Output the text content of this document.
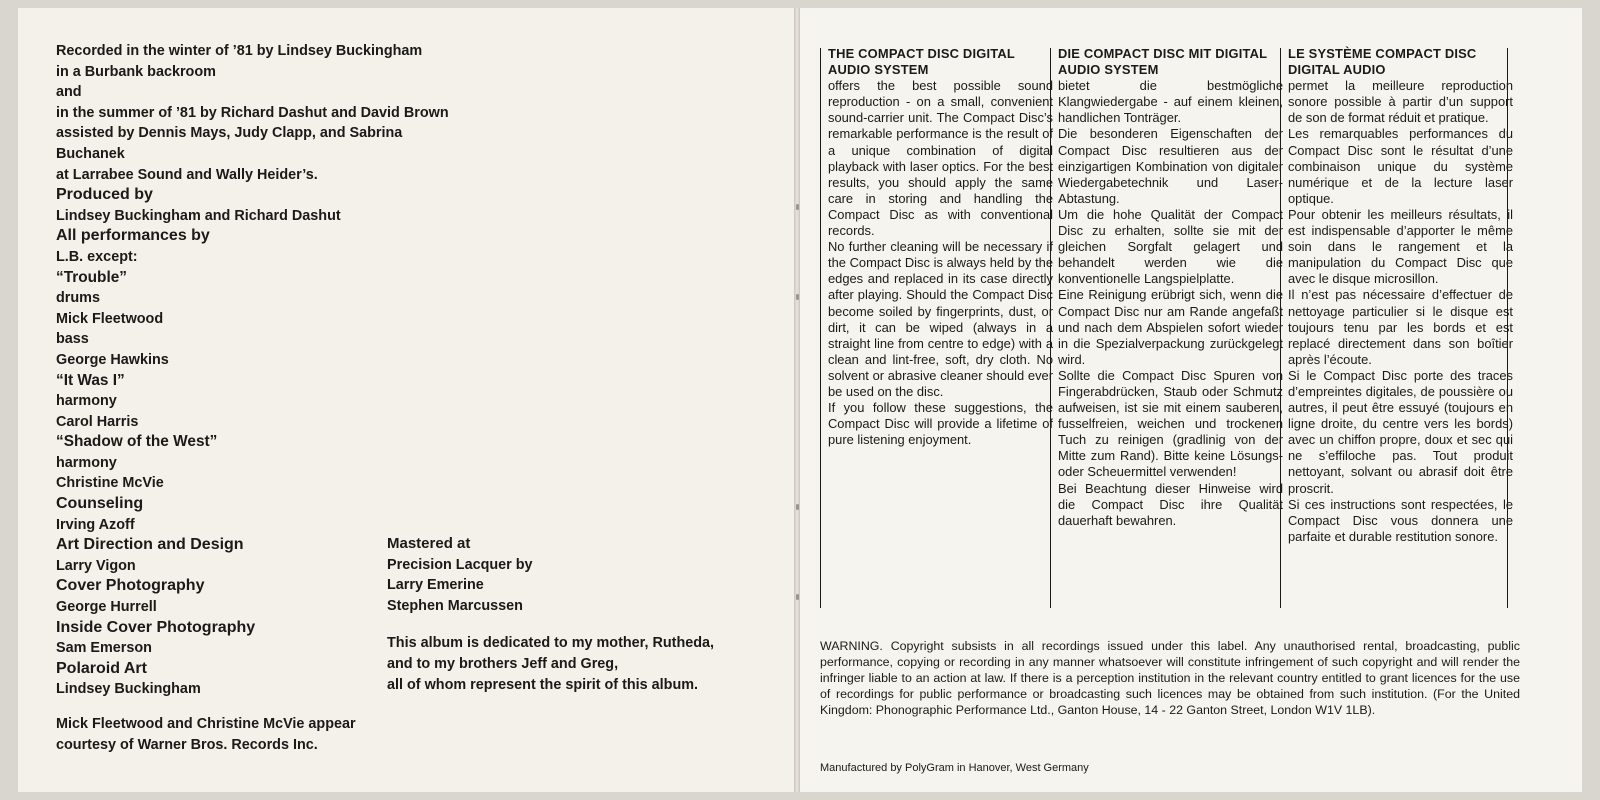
Recorded in the winter of ’81 by Lindsey Buckingham
in a Burbank backroom
and
in the summer of ’81 by Richard Dashut and David Brown
assisted by Dennis Mays, Judy Clapp, and Sabrina
Buchanek
at Larrabee Sound and Wally Heider’s.
Produced by
Lindsey Buckingham and Richard Dashut
All performances by
L.B. except:
“Trouble”
drums
Mick Fleetwood
bass
George Hawkins
“It Was I”
harmony
Carol Harris
“Shadow of the West”
harmony
Christine McVie
Counseling
Irving Azoff
Art Direction and Design
Larry Vigon
Cover Photography
George Hurrell
Inside Cover Photography
Sam Emerson
Polaroid Art
Lindsey Buckingham
Mastered at
Precision Lacquer by
Larry Emerine
Stephen Marcussen
This album is dedicated to my mother, Rutheda,
and to my brothers Jeff and Greg,
all of whom represent the spirit of this album.
Mick Fleetwood and Christine McVie appear
courtesy of Warner Bros. Records Inc.
THE COMPACT DISC DIGITAL AUDIO SYSTEM

offers the best possible sound reproduction - on a small, convenient sound-carrier unit. The Compact Disc’s remarkable performance is the result of a unique combination of digital playback with laser optics. For the best results, you should apply the same care in storing and handling the Compact Disc as with conventional records.

No further cleaning will be necessary if the Compact Disc is always held by the edges and replaced in its case directly after playing. Should the Compact Disc become soiled by fingerprints, dust, or dirt, it can be wiped (always in a straight line from centre to edge) with a clean and lint-free, soft, dry cloth. No solvent or abrasive cleaner should ever be used on the disc.

If you follow these suggestions, the Compact Disc will provide a lifetime of pure listening enjoyment.

DIE COMPACT DISC MIT DIGITAL AUDIO SYSTEM

bietet die bestmögliche Klangwiedergabe - auf einem kleinen, handlichen Tonträger.

Die besonderen Eigenschaften der Compact Disc resultieren aus der einzigartigen Kombination von digitaler Wiedergabetechnik und Laser-Abtastung.

Um die hohe Qualität der Compact Disc zu erhalten, sollte sie mit der gleichen Sorgfalt gelagert und behandelt werden wie die konventionelle Langspielplatte.

Eine Reinigung erübrigt sich, wenn die Compact Disc nur am Rande angefaßt und nach dem Abspielen sofort wieder in die Spezialverpackung zurückgelegt wird.

Sollte die Compact Disc Spuren von Fingerabdrücken, Staub oder Schmutz aufweisen, ist sie mit einem sauberen, fusselfreien, weichen und trockenen Tuch zu reinigen (gradlinig von der Mitte zum Rand). Bitte keine Lösungs- oder Scheuermittel verwenden!

Bei Beachtung dieser Hinweise wird die Compact Disc ihre Qualität dauerhaft bewahren.

LE SYSTÈME COMPACT DISC DIGITAL AUDIO

permet la meilleure reproduction sonore possible à partir d’un support de son de format réduit et pratique.

Les remarquables performances du Compact Disc sont le résultat d’une combinaison unique du système numérique et de la lecture laser optique.

Pour obtenir les meilleurs résultats, il est indispensable d’apporter le même soin dans le rangement et la manipulation du Compact Disc que avec le disque microsillon.

Il n’est pas nécessaire d’effectuer de nettoyage particulier si le disque est toujours tenu par les bords et est replacé directement dans son boîtier après l’écoute.

Si le Compact Disc porte des traces d’empreintes digitales, de poussière ou autres, il peut être essuyé (toujours en ligne droite, du centre vers les bords) avec un chiffon propre, doux et sec qui ne s’effiloche pas. Tout produit nettoyant, solvant ou abrasif doit être proscrit.

Si ces instructions sont respectées, le Compact Disc vous donnera une parfaite et durable restitution sonore.

WARNING. Copyright subsists in all recordings issued under this label. Any unauthorised rental, broadcasting, public performance, copying or recording in any manner whatsoever will constitute infringement of such copyright and will render the infringer liable to an action at law. If there is a perception institution in the relevant country entitled to grant licences for the use of recordings for public performance or broadcasting such licences may be obtained from such institution. (For the United Kingdom: Phonographic Performance Ltd., Ganton House, 14 - 22 Ganton Street, London W1V 1LB).
Manufactured by PolyGram in Hanover, West Germany
